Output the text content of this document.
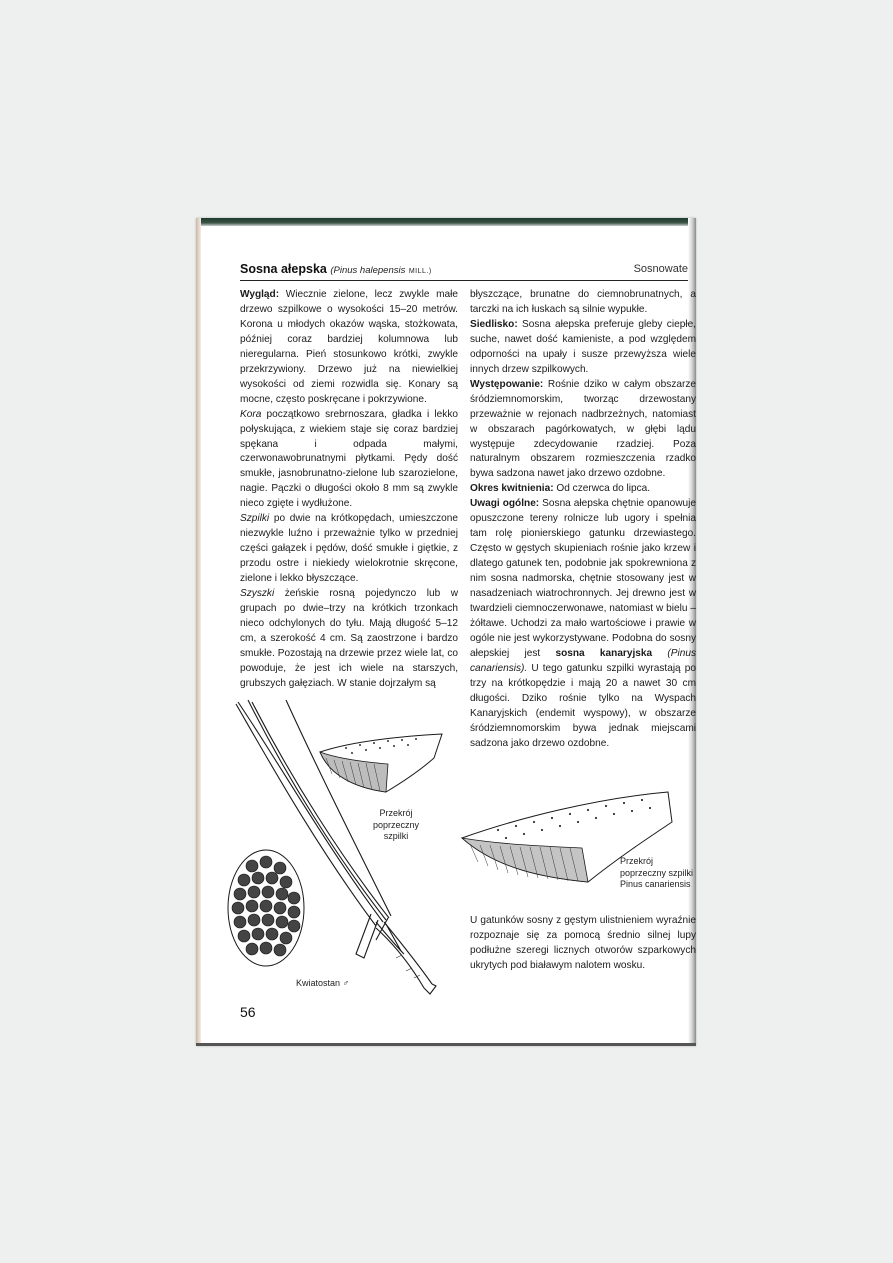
Sosna ałepska (Pinus halepensis MILL.)	Sosnowate

Wygląd: Wiecznie zielone, lecz zwykle małe drzewo szpilkowe o wysokości 15–20 metrów. Korona u młodych okazów wąska, stożkowata, później coraz bardziej kolumnowa lub nieregularna. Pień stosunkowo krótki, zwykle przekrzywiony. Drzewo już na niewielkiej wysokości od ziemi rozwidla się. Konary są mocne, często poskręcane i pokrzywione.

Kora początkowo srebrnoszara, gładka i lekko połyskująca, z wiekiem staje się coraz bardziej spękana i odpada małymi, czerwonawobrunatnymi płytkami. Pędy dość smukłe, jasnobrunatno-zielone lub szarozielone, nagie. Pączki o długości około 8 mm są zwykle nieco zgięte i wydłużone.

Szpilki po dwie na krótkopędach, umieszczone niezwykle luźno i przeważnie tylko w przedniej części gałązek i pędów, dość smukłe i giętkie, z przodu ostre i niekiedy wielokrotnie skręcone, zielone i lekko błyszczące.

Szyszki żeńskie rosną pojedynczo lub w grupach po dwie–trzy na krótkich trzonkach nieco odchylonych do tyłu. Mają długość 5–12 cm, a szerokość 4 cm. Są zaostrzone i bardzo smukłe. Pozostają na drzewie przez wiele lat, co powoduje, że jest ich wiele na starszych, grubszych gałęziach. W stanie dojrzałym są

błyszczące, brunatne do ciemnobrunatnych, a tarczki na ich łuskach są silnie wypukłe.

Siedlisko: Sosna ałepska preferuje gleby ciepłe, suche, nawet dość kamieniste, a pod względem odporności na upały i susze przewyższa wiele innych drzew szpilkowych.

Występowanie: Rośnie dziko w całym obszarze śródziemnomorskim, tworząc drzewostany przeważnie w rejonach nadbrzeżnych, natomiast w obszarach pagórkowatych, w głębi lądu występuje zdecydowanie rzadziej. Poza naturalnym obszarem rozmieszczenia rzadko bywa sadzona nawet jako drzewo ozdobne.

Okres kwitnienia: Od czerwca do lipca.

Uwagi ogólne: Sosna ałepska chętnie opanowuje opuszczone tereny rolnicze lub ugory i spełnia tam rolę pionierskiego gatunku drzewiastego. Często w gęstych skupieniach rośnie jako krzew i dlatego gatunek ten, podobnie jak spokrewniona z nim sosna nadmorska, chętnie stosowany jest w nasadzeniach wiatrochronnych. Jej drewno jest w twardzieli ciemnoczerwonawe, natomiast w bielu – żółtawe. Uchodzi za mało wartościowe i prawie w ogóle nie jest wykorzystywane. Podobna do sosny ałepskiej jest sosna kanaryjska (Pinus canariensis). U tego gatunku szpilki wyrastają po trzy na krótkopędzie i mają 20 a nawet 30 cm długości. Dziko rośnie tylko na Wyspach Kanaryjskich (endemit wyspowy), w obszarze śródziemnomorskim bywa jednak miejscami sadzona jako drzewo ozdobne.

Przekrój poprzeczny
szpilki
Kwiatostan ♂
Przekrój
poprzeczny szpilki
Pinus canariensis

U gatunków sosny z gęstym ulistnieniem wyraźnie rozpoznaje się za pomocą średnio silnej lupy podłużne szeregi licznych otworów szparkowych ukrytych pod białawym nalotem wosku.

56
